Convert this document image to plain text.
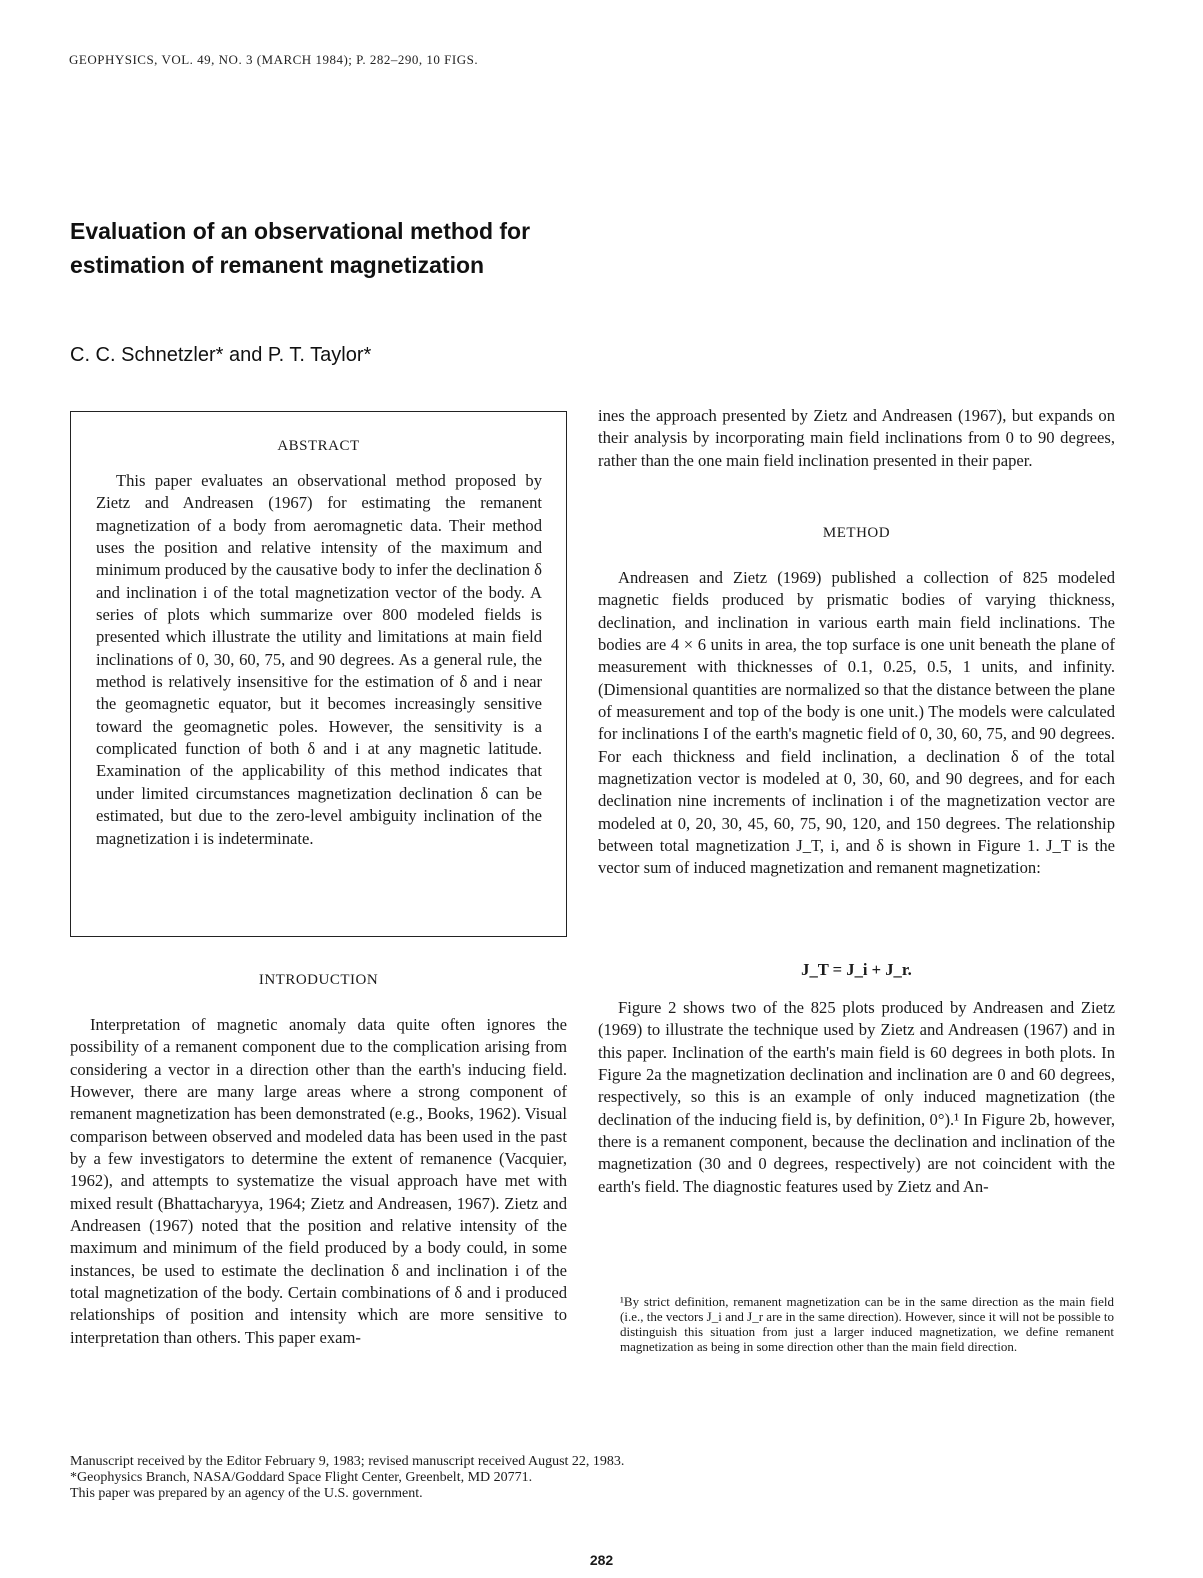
GEOPHYSICS, VOL. 49, NO. 3 (MARCH 1984); P. 282–290, 10 FIGS.
Evaluation of an observational method for
estimation of remanent magnetization
C. C. Schnetzler* and P. T. Taylor*
ABSTRACT
This paper evaluates an observational method proposed by Zietz and Andreasen (1967) for estimating the remanent magnetization of a body from aeromagnetic data. Their method uses the position and relative intensity of the maximum and minimum produced by the causative body to infer the declination δ and inclination i of the total magnetization vector of the body. A series of plots which summarize over 800 modeled fields is presented which illustrate the utility and limitations at main field inclinations of 0, 30, 60, 75, and 90 degrees. As a general rule, the method is relatively insensitive for the estimation of δ and i near the geomagnetic equator, but it becomes increasingly sensitive toward the geomagnetic poles. However, the sensitivity is a complicated function of both δ and i at any magnetic latitude. Examination of the applicability of this method indicates that under limited circumstances magnetization declination δ can be estimated, but due to the zero-level ambiguity inclination of the magnetization i is indeterminate.
INTRODUCTION
Interpretation of magnetic anomaly data quite often ignores the possibility of a remanent component due to the complication arising from considering a vector in a direction other than the earth's inducing field. However, there are many large areas where a strong component of remanent magnetization has been demonstrated (e.g., Books, 1962). Visual comparison between observed and modeled data has been used in the past by a few investigators to determine the extent of remanence (Vacquier, 1962), and attempts to systematize the visual approach have met with mixed result (Bhattacharyya, 1964; Zietz and Andreasen, 1967). Zietz and Andreasen (1967) noted that the position and relative intensity of the maximum and minimum of the field produced by a body could, in some instances, be used to estimate the declination δ and inclination i of the total magnetization of the body. Certain combinations of δ and i produced relationships of position and intensity which are more sensitive to interpretation than others. This paper exam-
ines the approach presented by Zietz and Andreasen (1967), but expands on their analysis by incorporating main field inclinations from 0 to 90 degrees, rather than the one main field inclination presented in their paper.
METHOD
Andreasen and Zietz (1969) published a collection of 825 modeled magnetic fields produced by prismatic bodies of varying thickness, declination, and inclination in various earth main field inclinations. The bodies are 4 × 6 units in area, the top surface is one unit beneath the plane of measurement with thicknesses of 0.1, 0.25, 0.5, 1 units, and infinity. (Dimensional quantities are normalized so that the distance between the plane of measurement and top of the body is one unit.) The models were calculated for inclinations I of the earth's magnetic field of 0, 30, 60, 75, and 90 degrees. For each thickness and field inclination, a declination δ of the total magnetization vector is modeled at 0, 30, 60, and 90 degrees, and for each declination nine increments of inclination i of the magnetization vector are modeled at 0, 20, 30, 45, 60, 75, 90, 120, and 150 degrees. The relationship between total magnetization J_T, i, and δ is shown in Figure 1. J_T is the vector sum of induced magnetization and remanent magnetization:
J_T = J_i + J_r.
Figure 2 shows two of the 825 plots produced by Andreasen and Zietz (1969) to illustrate the technique used by Zietz and Andreasen (1967) and in this paper. Inclination of the earth's main field is 60 degrees in both plots. In Figure 2a the magnetization declination and inclination are 0 and 60 degrees, respectively, so this is an example of only induced magnetization (the declination of the inducing field is, by definition, 0°).¹ In Figure 2b, however, there is a remanent component, because the declination and inclination of the magnetization (30 and 0 degrees, respectively) are not coincident with the earth's field. The diagnostic features used by Zietz and An-
¹By strict definition, remanent magnetization can be in the same direction as the main field (i.e., the vectors J_i and J_r are in the same direction). However, since it will not be possible to distinguish this situation from just a larger induced magnetization, we define remanent magnetization as being in some direction other than the main field direction.
Manuscript received by the Editor February 9, 1983; revised manuscript received August 22, 1983.
*Geophysics Branch, NASA/Goddard Space Flight Center, Greenbelt, MD 20771.
This paper was prepared by an agency of the U.S. government.
282
